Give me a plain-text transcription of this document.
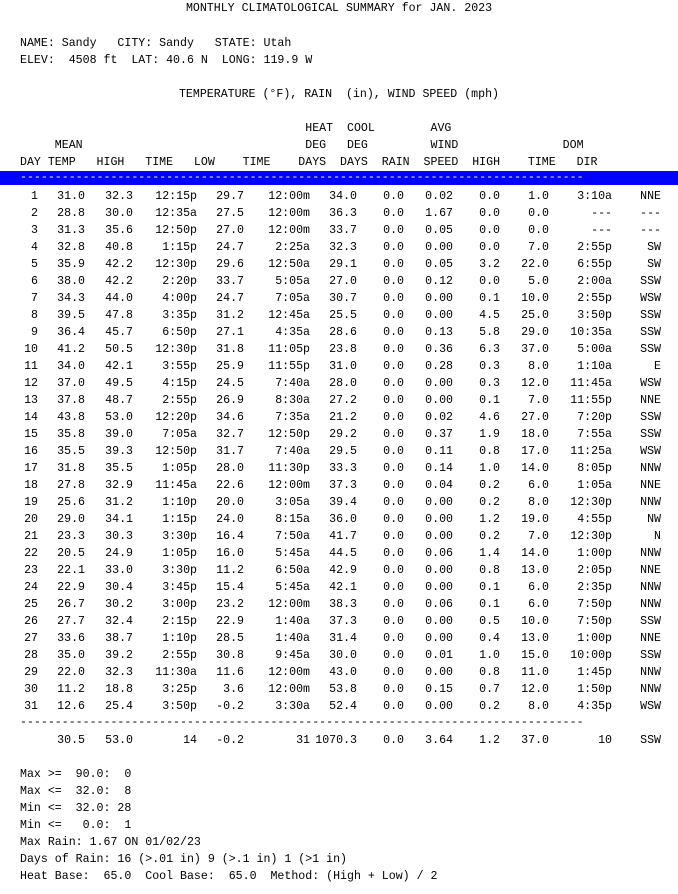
MONTHLY CLIMATOLOGICAL SUMMARY for JAN. 2023
NAME: Sandy   CITY: Sandy   STATE: Utah
ELEV:  4508 ft  LAT: 40.6 N  LONG: 119.9 W
TEMPERATURE (°F), RAIN  (in), WIND SPEED (mph)
HEAT  COOL        AVG
MEAN                                DEG   DEG         WIND               DOM
DAY TEMP   HIGH   TIME   LOW    TIME    DAYS  DAYS  RAIN  SPEED  HIGH    TIME   DIR
---------------------------------------------------------------------------------
1 31.0 32.3 12:15p 29.7 12:00m 34.0 0.0 0.02 0.0 1.0 3:10a NNE
2 28.8 30.0 12:35a 27.5 12:00m 36.3 0.0 1.67 0.0 0.0	--- ---
3 31.3 35.6 12:50p 27.0 12:00m 33.7 0.0 0.05 0.0 0.0	--- ---
4 32.8 40.8	1:15p 24.7	2:25a 32.3 0.0 0.00 0.0 7.0 2:55p	SW
5 35.9 42.2 12:30p 29.6 12:50a 29.1 0.0 0.05 3.2 22.0 6:55p	SW
6 38.0 42.2	2:20p 33.7	5:05a 27.0 0.0 0.12 0.0 5.0 2:00a SSW
7 34.3 44.0	4:00p 24.7	7:05a 30.7 0.0 0.00 0.1 10.0 2:55p WSW
8 39.5 47.8	3:35p 31.2 12:45a 25.5 0.0 0.00 4.5 25.0 3:50p SSW
9 36.4 45.7	6:50p 27.1	4:35a 28.6 0.0 0.13 5.8 29.0 10:35a SSW
10 41.2 50.5 12:30p 31.8 11:05p 23.8 0.0 0.36 6.3 37.0 5:00a SSW
11 34.0 42.1	3:55p 25.9 11:55p 31.0 0.0 0.28 0.3 8.0 1:10a	E
12 37.0 49.5	4:15p 24.5	7:40a 28.0 0.0 0.00 0.3 12.0 11:45a WSW
13 37.8 48.7	2:55p 26.9	8:30a 27.2 0.0 0.00 0.1 7.0 11:55p NNE
14 43.8 53.0 12:20p 34.6	7:35a 21.2 0.0 0.02 4.6 27.0 7:20p SSW
15 35.8 39.0	7:05a 32.7 12:50p 29.2 0.0 0.37 1.9 18.0 7:55a SSW
16 35.5 39.3 12:50p 31.7	7:40a 29.5 0.0 0.11 0.8 17.0 11:25a WSW
17 31.8 35.5	1:05p 28.0 11:30p 33.3 0.0 0.14 1.0 14.0 8:05p NNW
18 27.8 32.9 11:45a 22.6 12:00m 37.3 0.0 0.04 0.2 6.0 1:05a NNE
19 25.6 31.2	1:10p 20.0	3:05a 39.4 0.0 0.00 0.2 8.0 12:30p NNW
20 29.0 34.1	1:15p 24.0	8:15a 36.0 0.0 0.00 1.2 19.0 4:55p	NW
21 23.3 30.3	3:30p 16.4	7:50a 41.7 0.0 0.00 0.2 7.0 12:30p	N
22 20.5 24.9	1:05p 16.0	5:45a 44.5 0.0 0.06 1.4 14.0 1:00p NNW
23 22.1 33.0	3:30p 11.2	6:50a 42.9 0.0 0.00 0.8 13.0 2:05p NNE
24 22.9 30.4	3:45p 15.4	5:45a 42.1 0.0 0.00 0.1 6.0 2:35p NNW
25 26.7 30.2	3:00p 23.2 12:00m 38.3 0.0 0.06 0.1 6.0 7:50p NNW
26 27.7 32.4	2:15p 22.9	1:40a 37.3 0.0 0.00 0.5 10.0 7:50p SSW
27 33.6 38.7	1:10p 28.5	1:40a 31.4 0.0 0.00 0.4 13.0 1:00p NNE
28 35.0 39.2	2:55p 30.8	9:45a 30.0 0.0 0.01 1.0 15.0 10:00p SSW
29 22.0 32.3 11:30a 11.6 12:00m 43.0 0.0 0.00 0.8 11.0 1:45p NNW
30 11.2 18.8	3:25p 3.6 12:00m 53.8 0.0 0.15 0.7 12.0 1:50p NNW
31 12.6 25.4	3:50p -0.2	3:30a 52.4 0.0 0.00 0.2 8.0 4:35p WSW
---------------------------------------------------------------------------------
30.5 53.0	14 -0.2	31 1070.3 0.0 3.64 1.2 37.0	10 SSW
Max >=  90.0:  0
Max <=  32.0:  8
Min <=  32.0: 28
Min <=   0.0:  1
Max Rain: 1.67 ON 01/02/23
Days of Rain: 16 (>.01 in) 9 (>.1 in) 1 (>1 in)
Heat Base:  65.0  Cool Base:  65.0  Method: (High + Low) / 2
